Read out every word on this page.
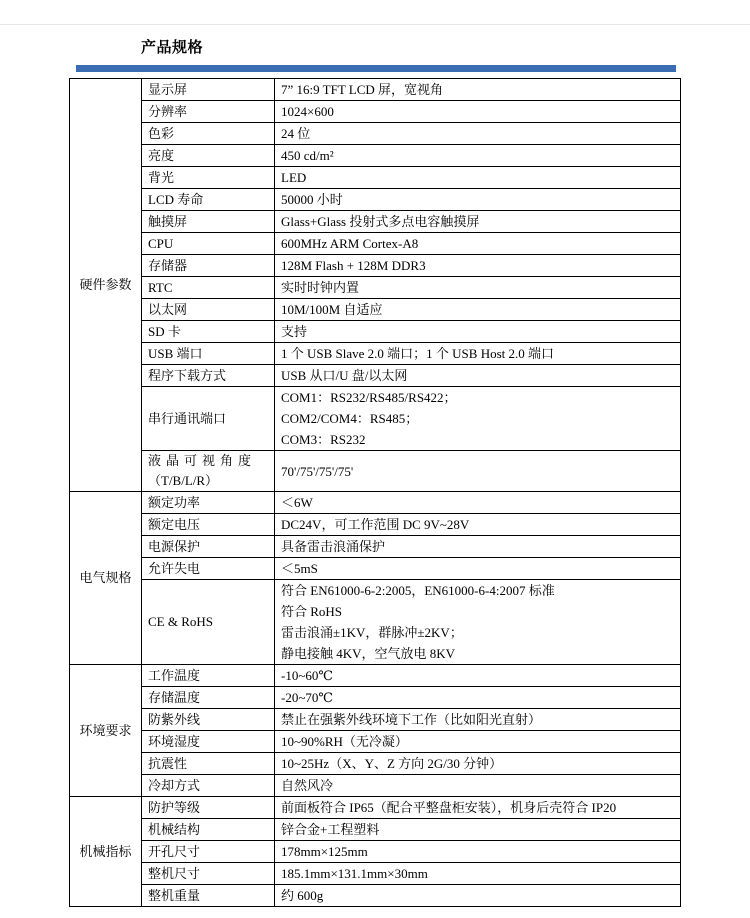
产品规格
硬件参数	显示屏	7” 16:9 TFT LCD 屏，宽视角

	分辨率	1024×600

	色彩	24 位

	亮度	450 cd/m²

	背光	LED

	LCD 寿命	50000 小时

	触摸屏	Glass+Glass 投射式多点电容触摸屏

	CPU	600MHz ARM Cortex-A8

	存储器	128M Flash + 128M DDR3

	RTC	实时时钟内置

	以太网	10M/100M 自适应

	SD 卡	支持

	USB 端口	1 个 USB Slave 2.0 端口；1 个 USB Host 2.0 端口

	程序下载方式	USB 从口/U 盘/以太网

	串行通讯端口	COM1：RS232/RS485/RS422；
COM2/COM4：RS485；
COM3：RS232

	液晶可视角度
（T/B/L/R）	70'/75'/75'/75'

电气规格	额定功率	＜6W

	额定电压	DC24V，可工作范围 DC 9V~28V

	电源保护	具备雷击浪涌保护

	允许失电	＜5mS

	CE & RoHS	符合 EN61000-6-2:2005，EN61000-6-4:2007 标准
符合 RoHS
雷击浪涌±1KV，群脉冲±2KV；
静电接触 4KV，空气放电 8KV

环境要求	工作温度	-10~60℃

	存储温度	-20~70℃

	防紫外线	禁止在强紫外线环境下工作（比如阳光直射）

	环境湿度	10~90%RH（无冷凝）

	抗震性	10~25Hz（X、Y、Z 方向 2G/30 分钟）

	冷却方式	自然风冷

机械指标	防护等级	前面板符合 IP65（配合平整盘柜安装），机身后壳符合 IP20

	机械结构	锌合金+工程塑料

	开孔尺寸	178mm×125mm

	整机尺寸	185.1mm×131.1mm×30mm

	整机重量	约 600g
